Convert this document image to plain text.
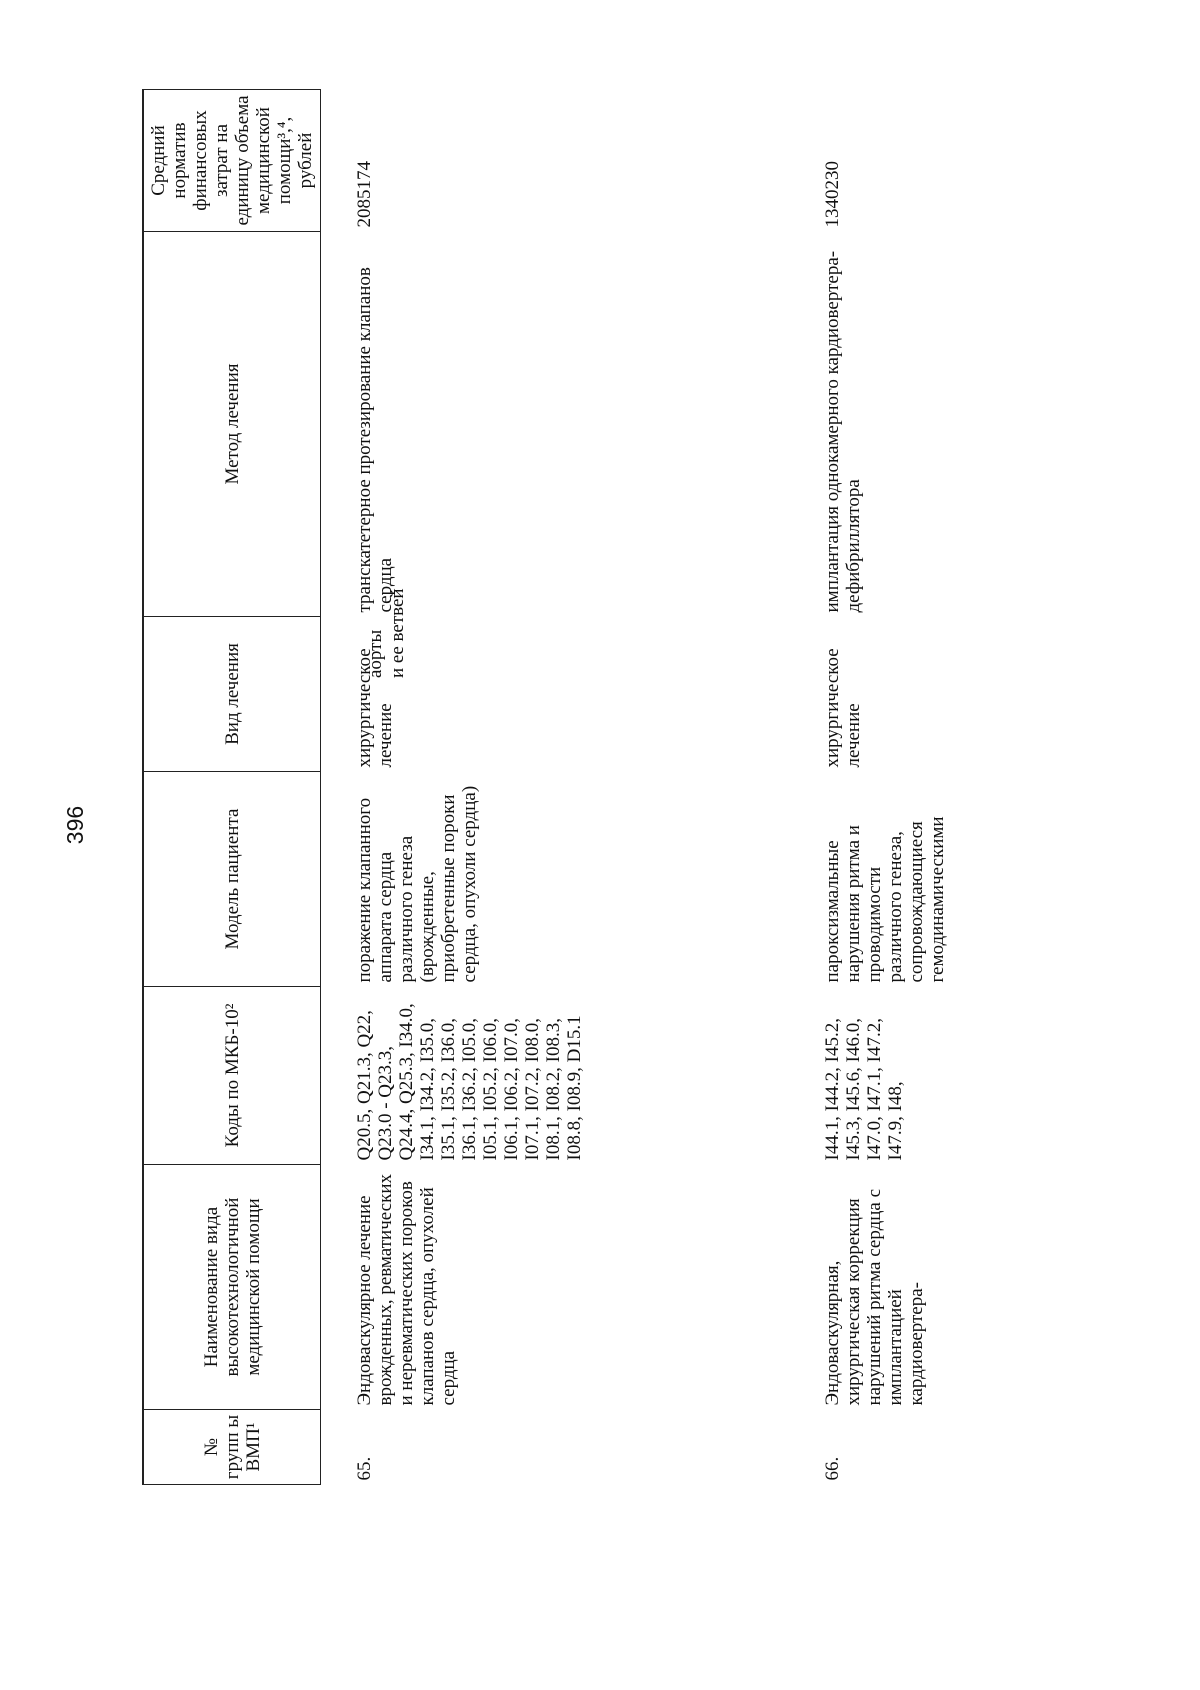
396
аорты
и ее ветвей
№ групп ы ВМП¹	Наименование вида высокотехнологичной медицинской помощи	Коды по МКБ-10²	Модель пациента	Вид лечения	Метод лечения	Средний норматив финансовых затрат на единицу объема медицинской помощи³,⁴, рублей
65.	Эндоваскулярное лечение врожденных, ревматических и неревматических пороков клапанов сердца, опухолей сердца	Q20.5, Q21.3, Q22, Q23.0 - Q23.3, Q24.4, Q25.3, I34.0, I34.1, I34.2, I35.0, I35.1, I35.2, I36.0, I36.1, I36.2, I05.0, I05.1, I05.2, I06.0, I06.1, I06.2, I07.0, I07.1, I07.2, I08.0, I08.1, I08.2, I08.3, I08.8, I08.9, D15.1	поражение клапанного аппарата сердца различного генеза (врожденные, приобретенные пороки сердца, опухоли сердца)	хирургическое лечение	транскатетерное протезирование клапанов сердца	2085174
66.	Эндоваскулярная, хирургическая коррекция нарушений ритма сердца с имплантацией кардиовертера-	I44.1, I44.2, I45.2, I45.3, I45.6, I46.0, I47.0, I47.1, I47.2, I47.9, I48,	пароксизмальные нарушения ритма и проводимости различного генеза, сопровождающиеся гемодинамическими	хирургическое лечение	имплантация однокамерного кардиовертера-дефибриллятора	1340230
